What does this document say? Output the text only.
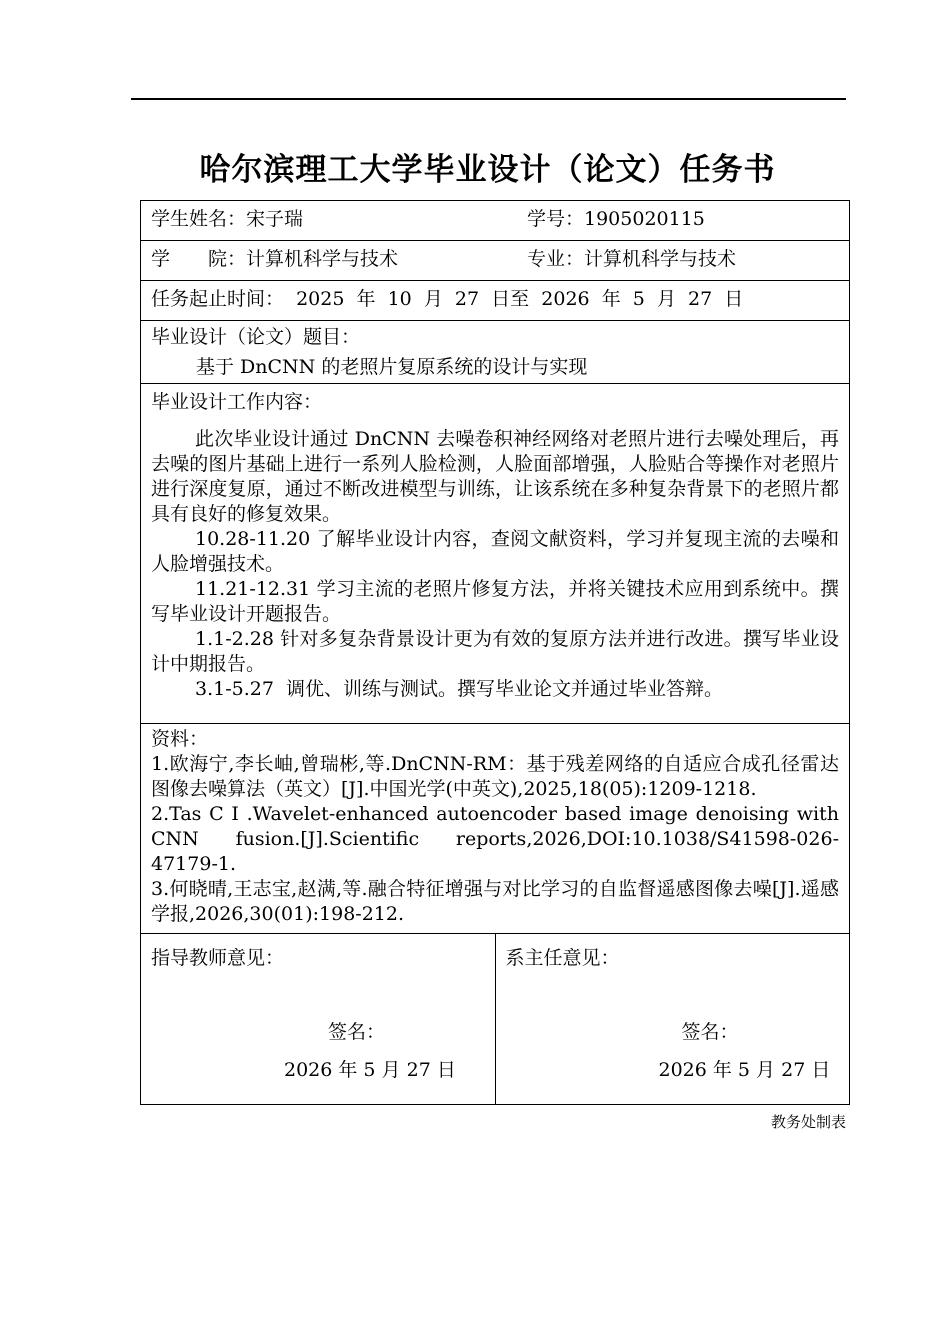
哈尔滨理工大学毕业设计（论文）任务书
学生姓名：宋子瑞	学号：1905020115
学　　院：计算机科学与技术	专业：计算机科学与技术
任务起止时间：  2025  年  10  月  27  日至  2026  年  5  月  27  日
毕业设计（论文）题目：
基于 DnCNN 的老照片复原系统的设计与实现
毕业设计工作内容：

此次毕业设计通过 DnCNN 去噪卷积神经网络对老照片进行去噪处理后，再去噪的图片基础上进行一系列人脸检测，人脸面部增强，人脸贴合等操作对老照片进行深度复原，通过不断改进模型与训练，让该系统在多种复杂背景下的老照片都具有良好的修复效果。

10.28-11.20 了解毕业设计内容，查阅文献资料，学习并复现主流的去噪和人脸增强技术。

11.21-12.31 学习主流的老照片修复方法，并将关键技术应用到系统中。撰写毕业设计开题报告。

1.1-2.28 针对多复杂背景设计更为有效的复原方法并进行改进。撰写毕业设计中期报告。

3.1-5.27  调优、训练与测试。撰写毕业论文并通过毕业答辩。

资料：

1.欧海宁,李长岫,曾瑞彬,等.DnCNN-RM：基于残差网络的自适应合成孔径雷达图像去噪算法（英文）[J].中国光学(中英文),2025,18(05):1209-1218.

2.Tas C I .Wavelet-enhanced autoencoder based image denoising with CNN fusion.[J].Scientific reports,2026,DOI:10.1038/S41598-026-47179-1.

3.何晓晴,王志宝,赵满,等.融合特征增强与对比学习的自监督遥感图像去噪[J].遥感学报,2026,30(01):198-212.

指导教师意见：
签名：
2026 年 5 月 27 日
系主任意见：
签名：
2026 年 5 月 27 日
教务处制表
